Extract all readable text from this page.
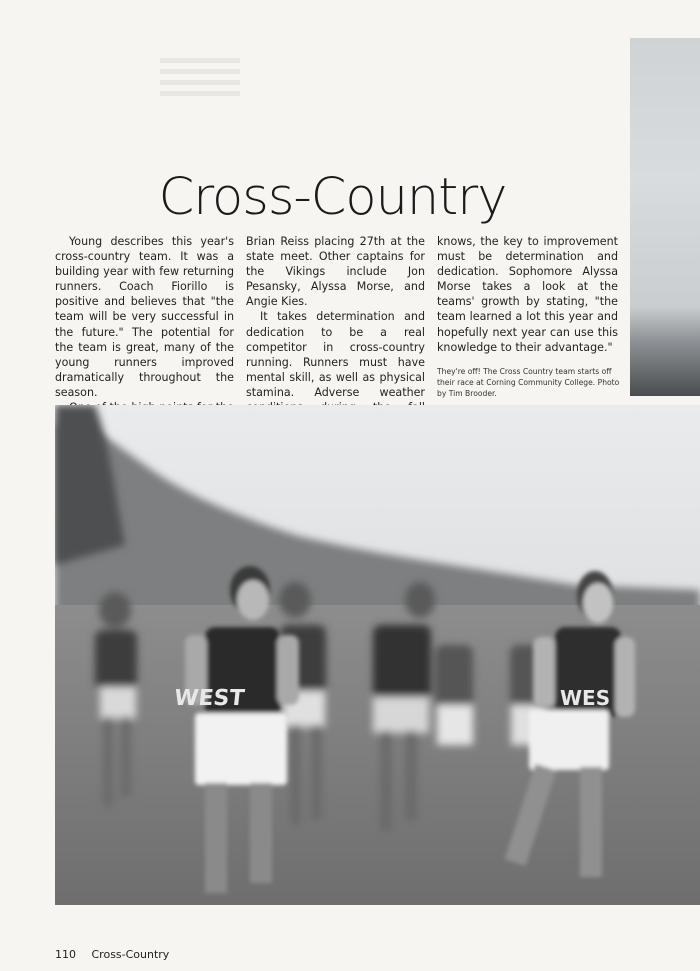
Cross-Country

Young describes this year's cross-country team. It was a building year with few returning runners. Coach Fiorillo is positive and believes that "the team will be very successful in the future." The potential for the team is great, many of the young runners improved dramatically throughout the season.

Brian Reiss placing 27th at the state meet. Other captains for the Vikings include Jon Pesansky, Alyssa Morse, and Angie Kies.

It takes determination and dedication to be a real competitor in cross-country running. Runners must have mental skill, as well as physical stamina. Adverse weather

knows, the key to improvement must be determination and dedication. Sophomore Alyssa Morse takes a look at the teams' growth by stating, "the team learned a lot this year and hopefully next year can use this knowledge to their advantage."

They're off! The Cross Country team starts off their race at Corning Community College. Photo by Tim Brooder.

WEST	WES
110 Cross-Country
